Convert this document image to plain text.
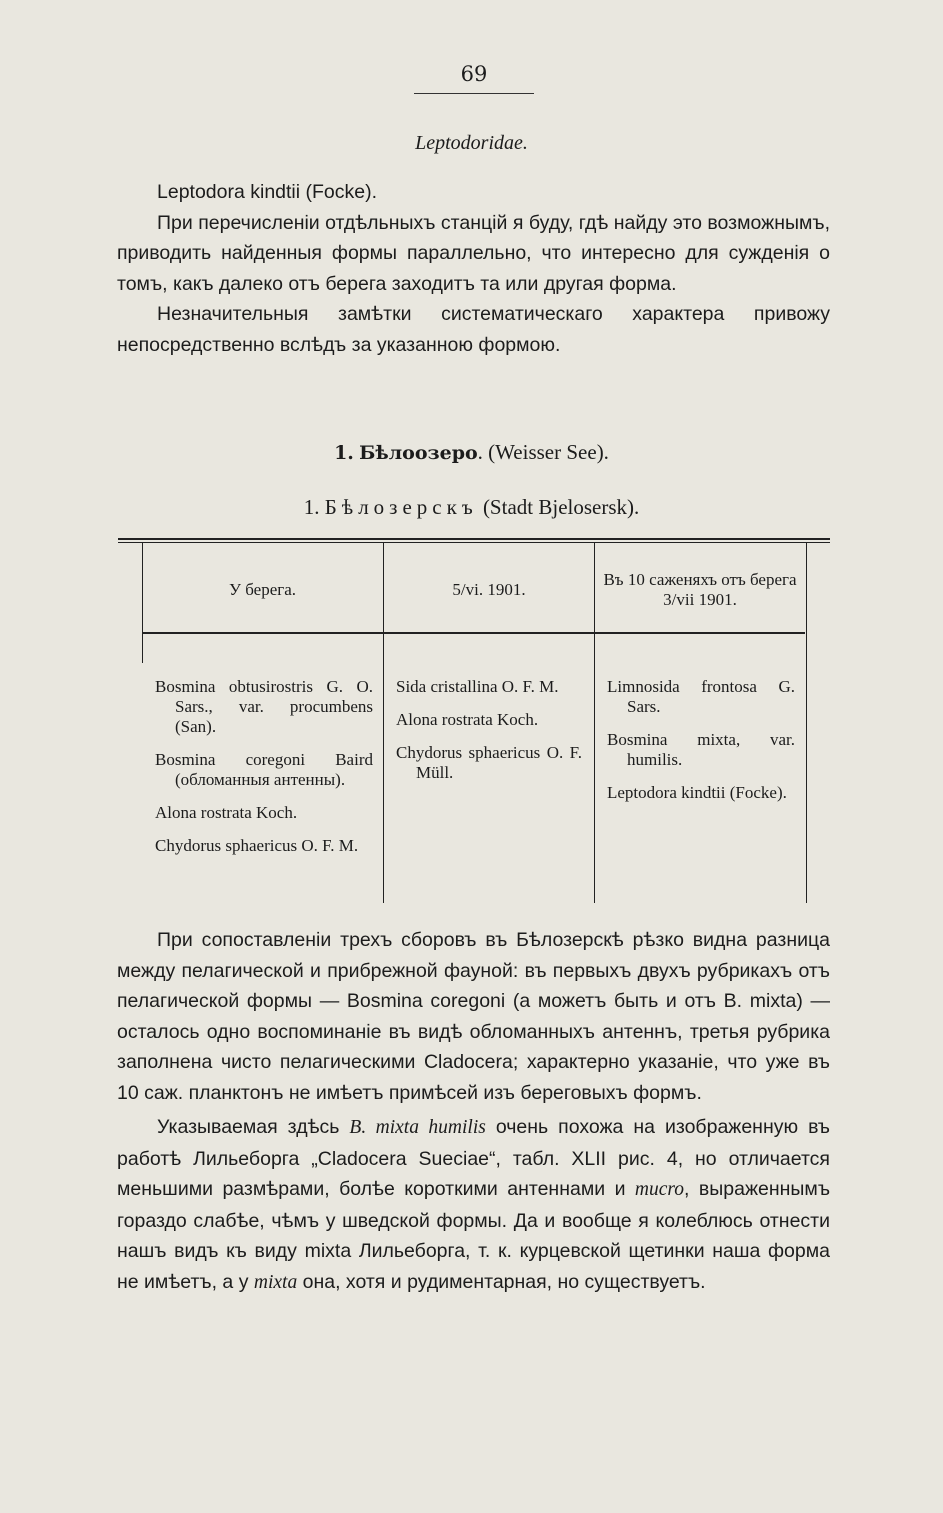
69
Leptodoridae.

Leptodora kindtii (Focke).

При перечисленіи отдѣльныхъ станцій я буду, гдѣ найду это возможнымъ, приводить найденныя формы параллельно, что интересно для сужденія о томъ, какъ далеко отъ берега заходитъ та или другая форма.

Незначительныя замѣтки систематическаго характера привожу непосредственно вслѣдъ за указанною формою.

1. Бѣлоозеро. (Weisser See).
1. Бѣлозерскъ (Stadt Bjelosersk).
У берега.	5/vi. 1901.
Въ 10 саженяхъ отъ берега 3/vii 1901.
Bosmina obtusirostris G. O. Sars., var. procumbens (San).
Bosmina coregoni Baird (обломанныя антенны).
Alona rostrata Koch.
Chydorus sphaericus O. F. M.
Sida cristallina O. F. M.
Alona rostrata Koch.
Chydorus sphaericus O. F. Müll.
Limnosida frontosa G. Sars.
Bosmina mixta, var. humilis.
Leptodora kindtii (Focke).

При сопоставленіи трехъ сборовъ въ Бѣлозерскѣ рѣзко видна разница между пелагической и прибрежной фауной: въ первыхъ двухъ рубрикахъ отъ пелагической формы — Bosmina coregoni (а можетъ быть и отъ B. mixta) — осталось одно воспоминаніе въ видѣ обломанныхъ антеннъ, третья рубрика заполнена чисто пелагическими Cladocera; характерно указаніе, что уже въ 10 саж. планктонъ не имѣетъ примѣсей изъ береговыхъ формъ.

Указываемая здѣсь B. mixta humilis очень похожа на изображенную въ работѣ Лильеборга „Cladocera Suecіae“, табл. XLII рис. 4, но отличается меньшими размѣрами, болѣе короткими антеннами и mucro, выраженнымъ гораздо слабѣе, чѣмъ у шведской формы. Да и вообще я колеблюсь отнести нашъ видъ къ виду mixta Лильеборга, т. к. курцевской щетинки наша форма не имѣетъ, а у mixta она, хотя и рудиментарная, но существуетъ.
